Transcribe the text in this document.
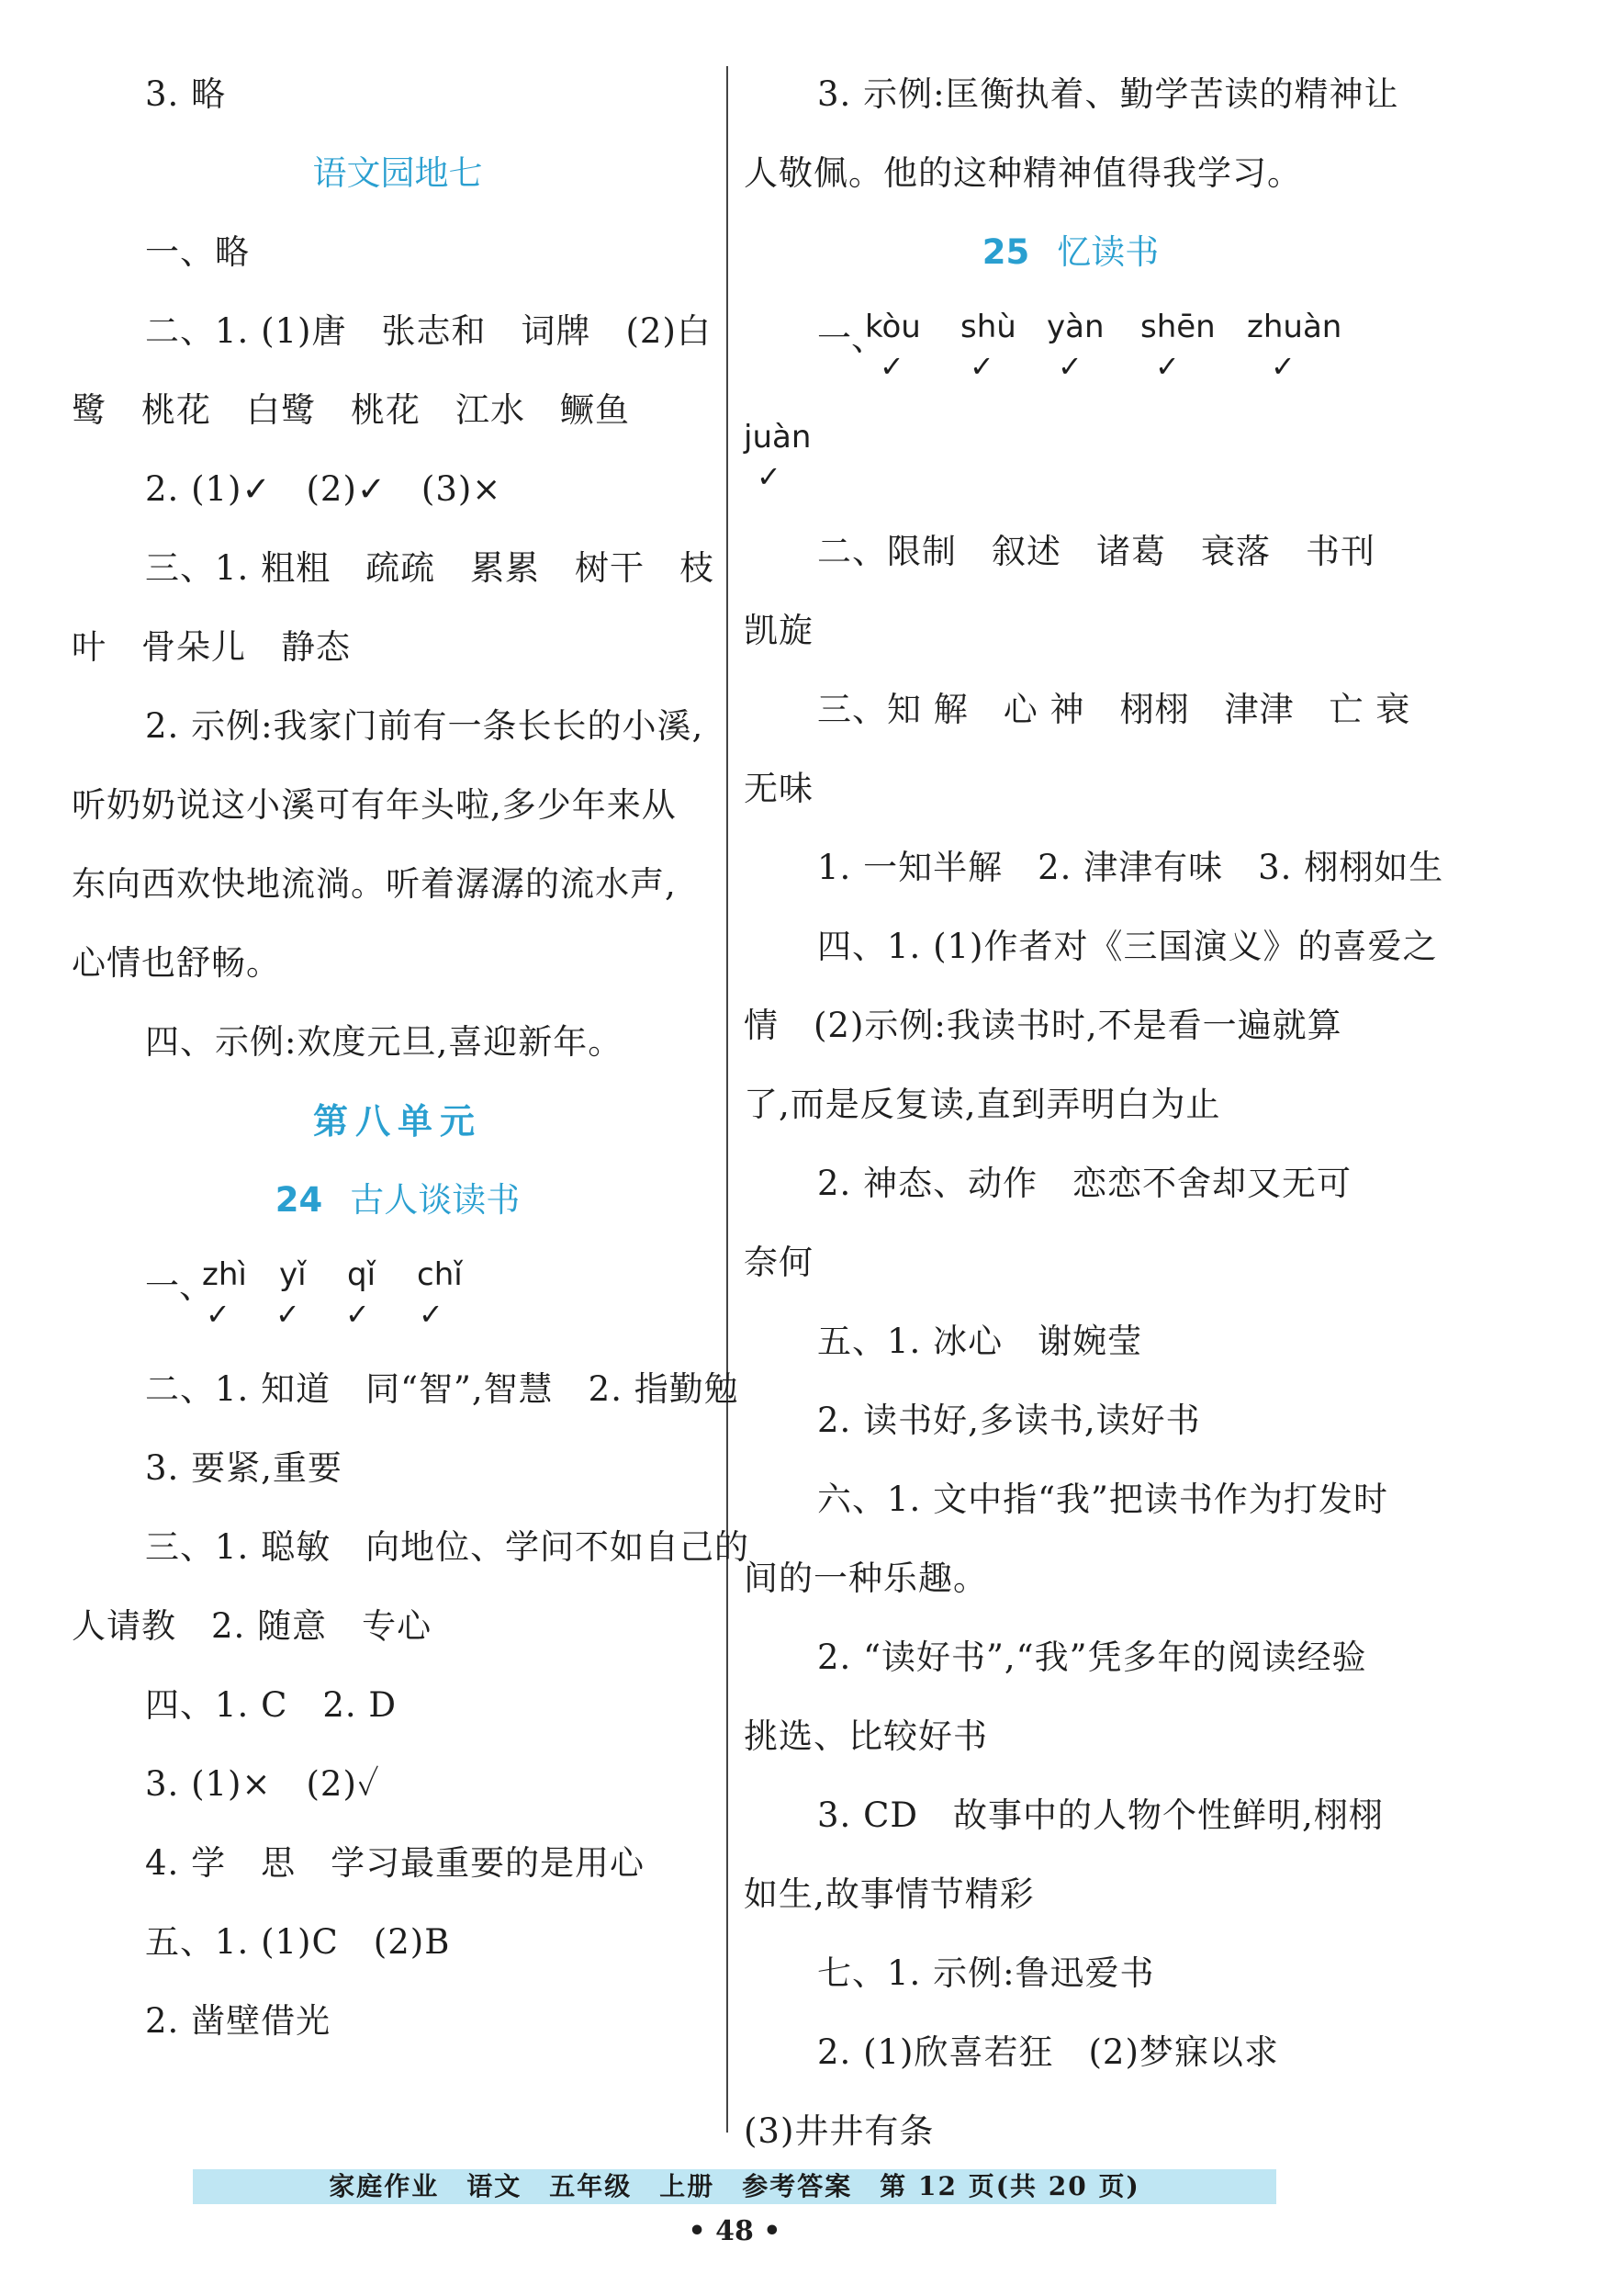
3. 略
语文园地七
一、略
二、1. (1)唐　张志和　词牌　(2)白
鹭　桃花　白鹭　桃花　江水　鳜鱼
2. (1)✓　(2)✓　(3)×
三、1. 粗粗　疏疏　累累　树干　枝
叶　骨朵儿　静态
2. 示例:我家门前有一条长长的小溪,
听奶奶说这小溪可有年头啦,多少年来从
东向西欢快地流淌。听着潺潺的流水声,
心情也舒畅。
四、示例:欢度元旦,喜迎新年。
第八单元
24 古人谈读书
一、
zhì yǐ qǐ chǐ
✓ ✓ ✓ ✓
二、1. 知道　同“智”,智慧　2. 指勤勉
3. 要紧,重要
三、1. 聪敏　向地位、学问不如自己的
人请教　2. 随意　专心
四、1. C　2. D
3. (1)×　(2)✓
4. 学　思　学习最重要的是用心
五、1. (1)C　(2)B
2. 凿壁借光
3. 示例:匡衡执着、勤学苦读的精神让
人敬佩。他的这种精神值得我学习。
25 忆读书
一、
kòu shù yàn shēn zhuàn
✓ ✓ ✓ ✓	✓
juàn
✓
二、限制　叙述　诸葛　衰落　书刊
凯旋
三、知 解　心 神　栩栩　津津　亡 衰
无味
1. 一知半解　2. 津津有味　3. 栩栩如生
四、1. (1)作者对《三国演义》的喜爱之
情　(2)示例:我读书时,不是看一遍就算
了,而是反复读,直到弄明白为止
2. 神态、动作　恋恋不舍却又无可
奈何
五、1. 冰心　谢婉莹
2. 读书好,多读书,读好书
六、1. 文中指“我”把读书作为打发时
间的一种乐趣。
2. “读好书”,“我”凭多年的阅读经验
挑选、比较好书
3. CD　故事中的人物个性鲜明,栩栩
如生,故事情节精彩
七、1. 示例:鲁迅爱书
2. (1)欣喜若狂　(2)梦寐以求
(3)井井有条
家庭作业　语文　五年级　上册　参考答案　第 12 页(共 20 页)
• 48 •
